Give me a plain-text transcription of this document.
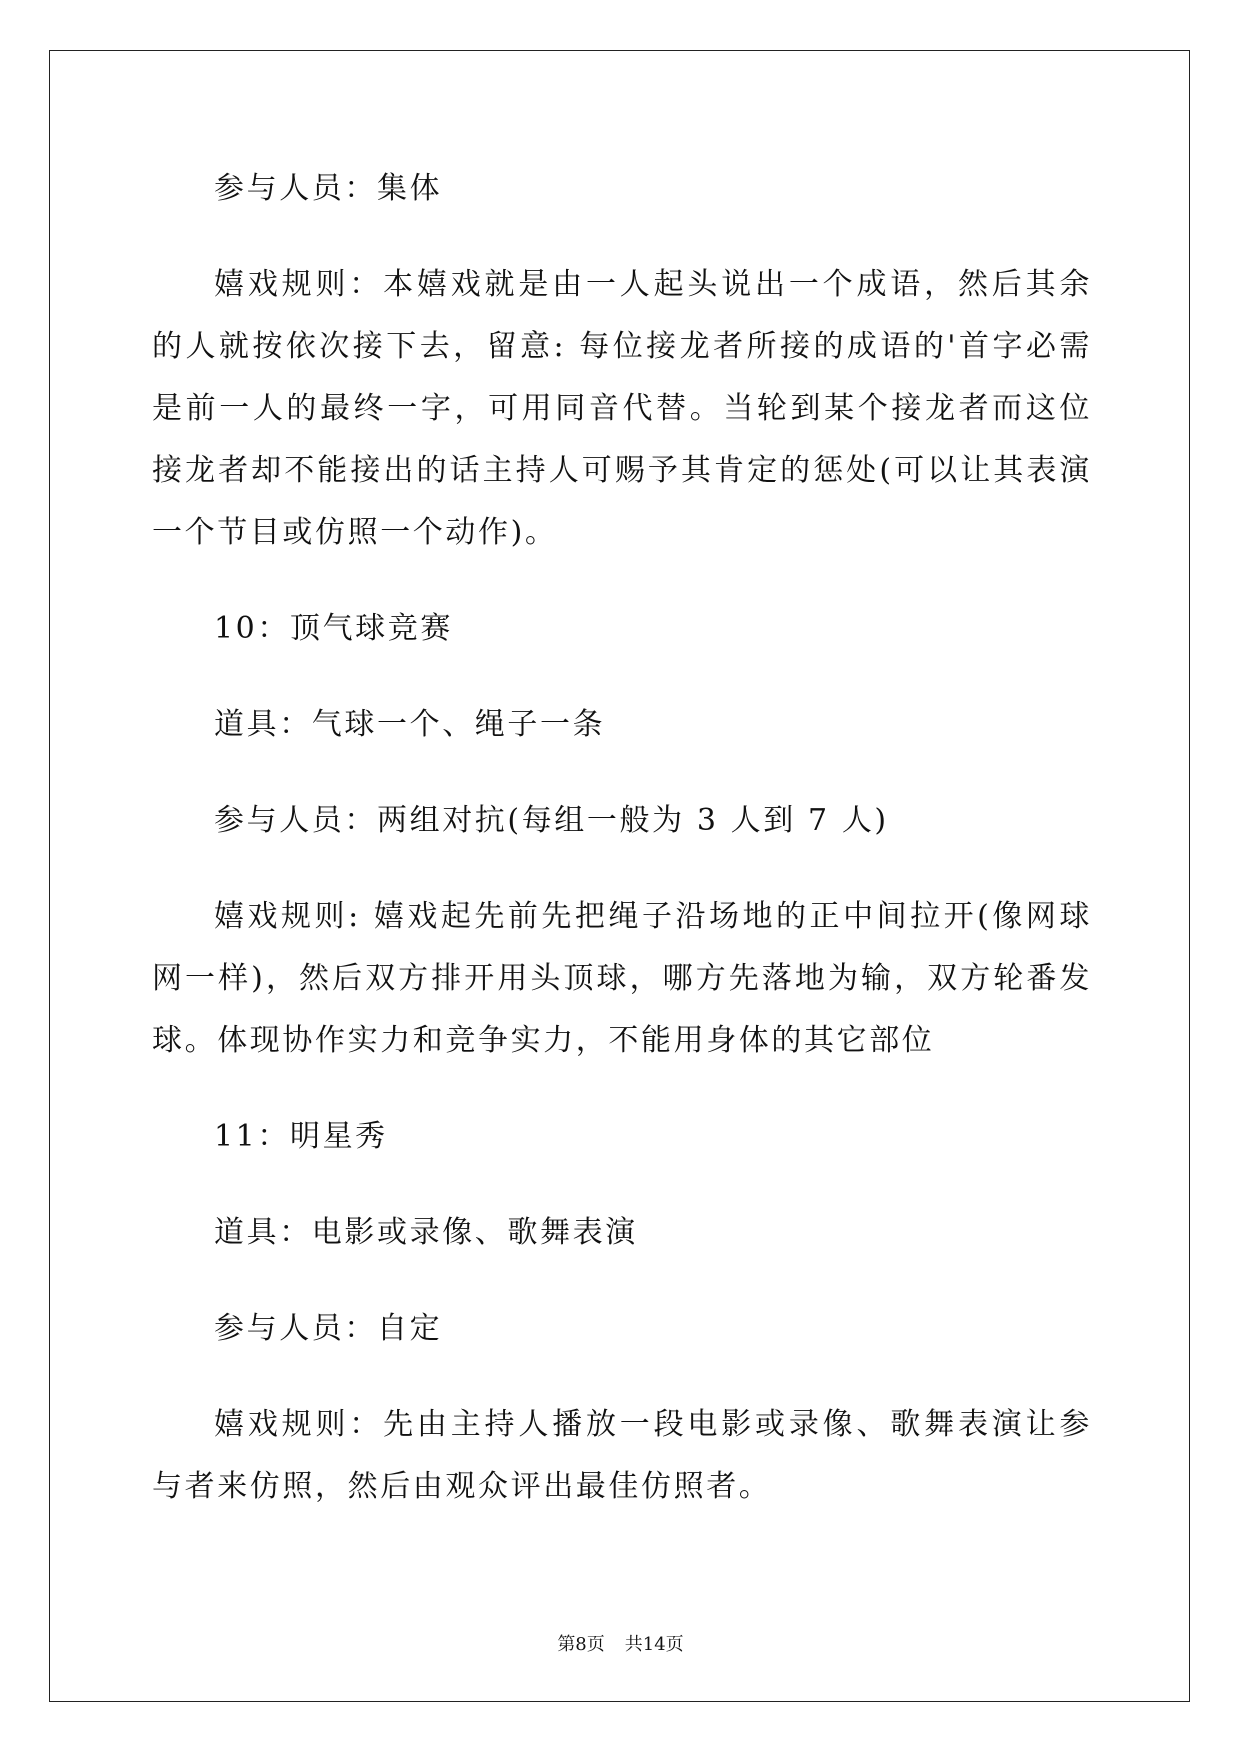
参与人员：集体

嬉戏规则：本嬉戏就是由一人起头说出一个成语，然后其余的人就按依次接下去，留意: 每位接龙者所接的成语的'首字必需是前一人的最终一字，可用同音代替。当轮到某个接龙者而这位接龙者却不能接出的话主持人可赐予其肯定的惩处(可以让其表演一个节目或仿照一个动作)。

10：顶气球竞赛

道具：气球一个、绳子一条

参与人员：两组对抗(每组一般为 3 人到 7 人)

嬉戏规则: 嬉戏起先前先把绳子沿场地的正中间拉开(像网球网一样)，然后双方排开用头顶球，哪方先落地为输，双方轮番发球。体现协作实力和竞争实力，不能用身体的其它部位

11：明星秀

道具：电影或录像、歌舞表演

参与人员：自定

嬉戏规则：先由主持人播放一段电影或录像、歌舞表演让参与者来仿照，然后由观众评出最佳仿照者。

第8页 共14页
